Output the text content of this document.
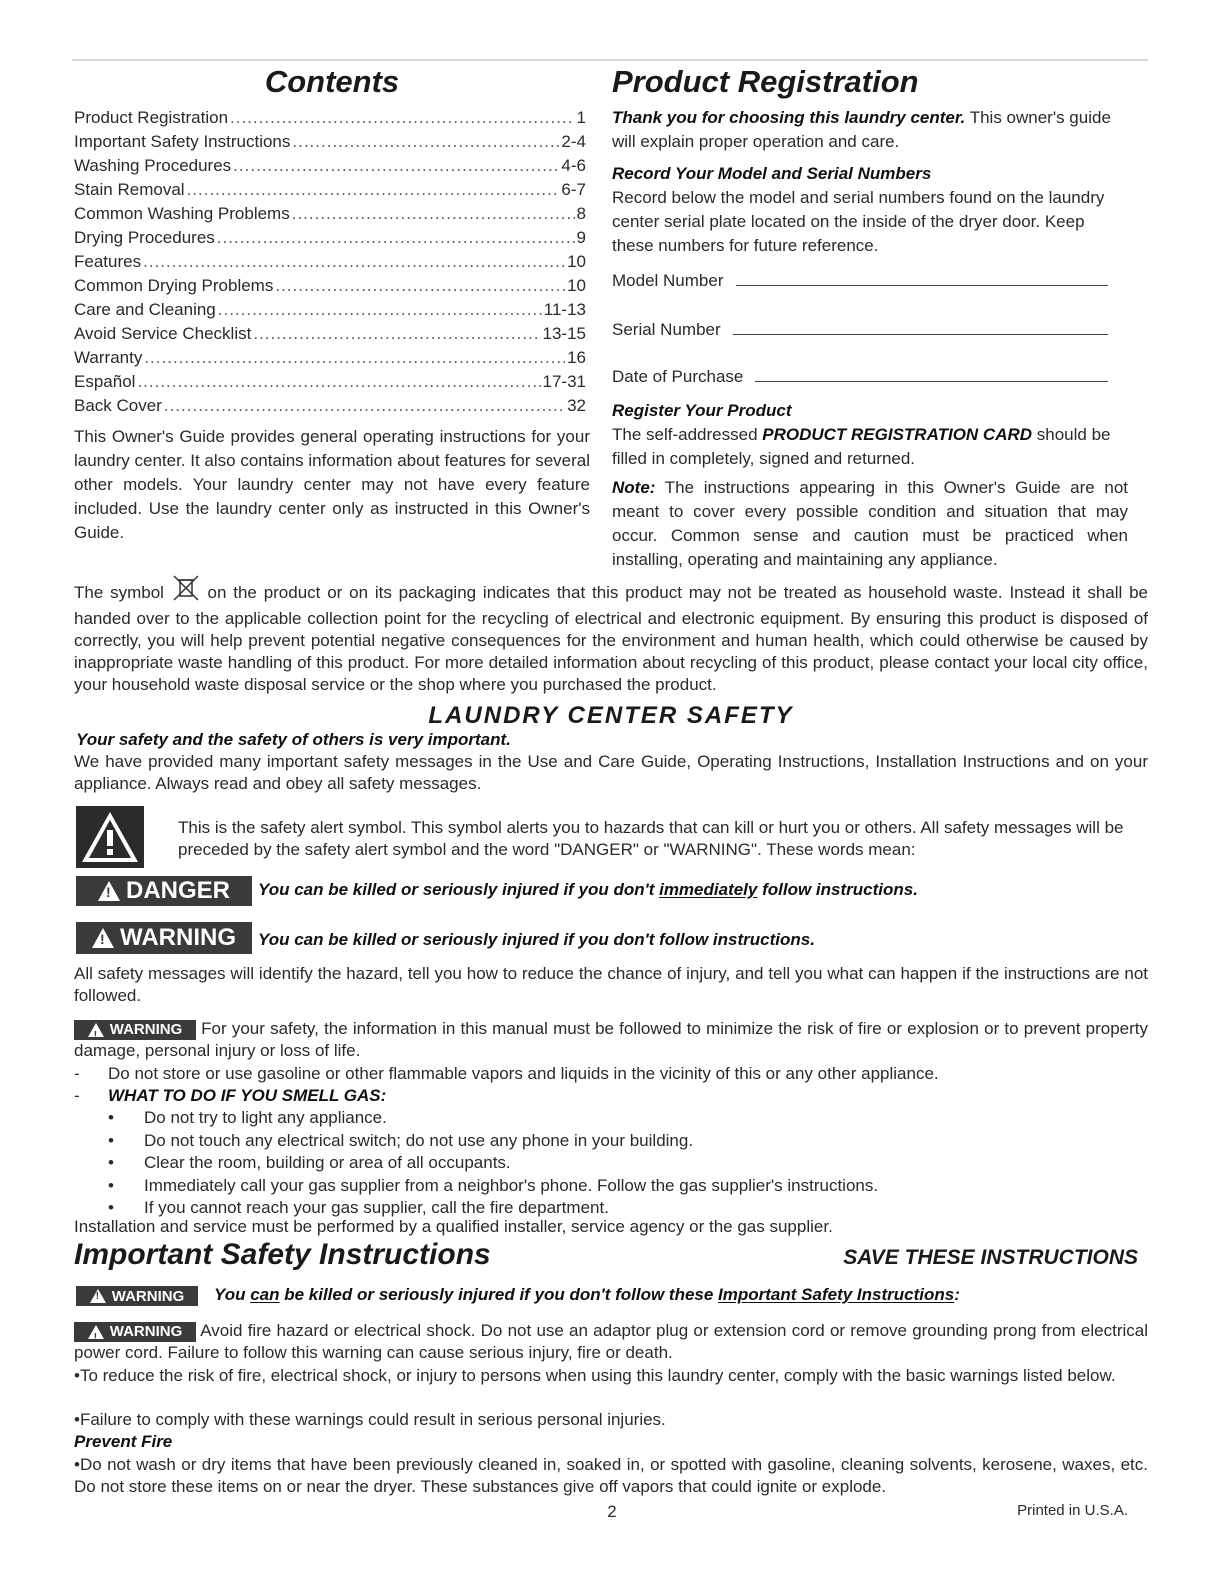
Contents
Product Registration .....	1
Important Safety Instructions .....	2-4
Washing Procedures .....	4-6
Stain Removal .....	6-7
Common Washing Problems .....	8
Drying Procedures .....	9
Features .....	10
Common Drying Problems .....	10
Care and Cleaning .....	11-13
Avoid Service Checklist .....	13-15
Warranty .....	16
Español .....	17-31
Back Cover .....	32
This Owner's Guide provides general operating instructions for your laundry center. It also contains information about features for several other models. Your laundry center may not have every feature included. Use the laundry center only as instructed in this Owner's Guide.
Product Registration
Thank you for choosing this laundry center. This owner's guide will explain proper operation and care.
Record Your Model and Serial Numbers
Record below the model and serial numbers found on the laundry center serial plate located on the inside of the dryer door. Keep these numbers for future reference.
Model Number
Serial Number
Date of Purchase
Register Your Product
The self-addressed PRODUCT REGISTRATION CARD should be filled in completely, signed and returned.
Note: The instructions appearing in this Owner's Guide are not meant to cover every possible condition and situation that may occur. Common sense and caution must be practiced when installing, operating and maintaining any appliance.
The symbol  on the product or on its packaging indicates that this product may not be treated as household waste. Instead it shall be handed over to the applicable collection point for the recycling of electrical and electronic equipment. By ensuring this product is disposed of correctly, you will help prevent potential negative consequences for the environment and human health, which could otherwise be caused by inappropriate waste handling of this product. For more detailed information about recycling of this product, please contact your local city office, your household waste disposal service or the shop where you purchased the product.
LAUNDRY CENTER SAFETY
Your safety and the safety of others is very important.
We have provided many important safety messages in the Use and Care Guide, Operating Instructions, Installation Instructions and on your appliance. Always read and obey all safety messages.
This is the safety alert symbol. This symbol alerts you to hazards that can kill or hurt you or others. All safety messages will be preceded by the safety alert symbol and the word "DANGER" or "WARNING". These words mean:
!
DANGER You can be killed or seriously injured if you don't immediately follow instructions.
!
WARNING You can be killed or seriously injured if you don't follow instructions.
All safety messages will identify the hazard, tell you how to reduce the chance of injury, and tell you what can happen if the instructions are not followed.
!
WARNING For your safety, the information in this manual must be followed to minimize the risk of fire or explosion or to prevent property damage, personal injury or loss of life.
-	Do not store or use gasoline or other flammable vapors and liquids in the vicinity of this or any other appliance.
-	WHAT TO DO IF YOU SMELL GAS:
•	Do not try to light any appliance.
•	Do not touch any electrical switch; do not use any phone in your building.
•	Clear the room, building or area of all occupants.
•	Immediately call your gas supplier from a neighbor's phone. Follow the gas supplier's instructions.
•	If you cannot reach your gas supplier, call the fire department.
Installation and service must be performed by a qualified installer, service agency or the gas supplier.
Important Safety Instructions	SAVE THESE INSTRUCTIONS
!
WARNING You can be killed or seriously injured if you don't follow these Important Safety Instructions:
!
WARNING Avoid fire hazard or electrical shock. Do not use an adaptor plug or extension cord or remove grounding prong from electrical power cord. Failure to follow this warning can cause serious injury, fire or death.
•To reduce the risk of fire, electrical shock, or injury to persons when using this laundry center, comply with the basic warnings listed below.
•Failure to comply with these warnings could result in serious personal injuries.
Prevent Fire
•Do not wash or dry items that have been previously cleaned in, soaked in, or spotted with gasoline, cleaning solvents, kerosene, waxes, etc. Do not store these items on or near the dryer. These substances give off vapors that could ignite or explode.
2	Printed in U.S.A.
